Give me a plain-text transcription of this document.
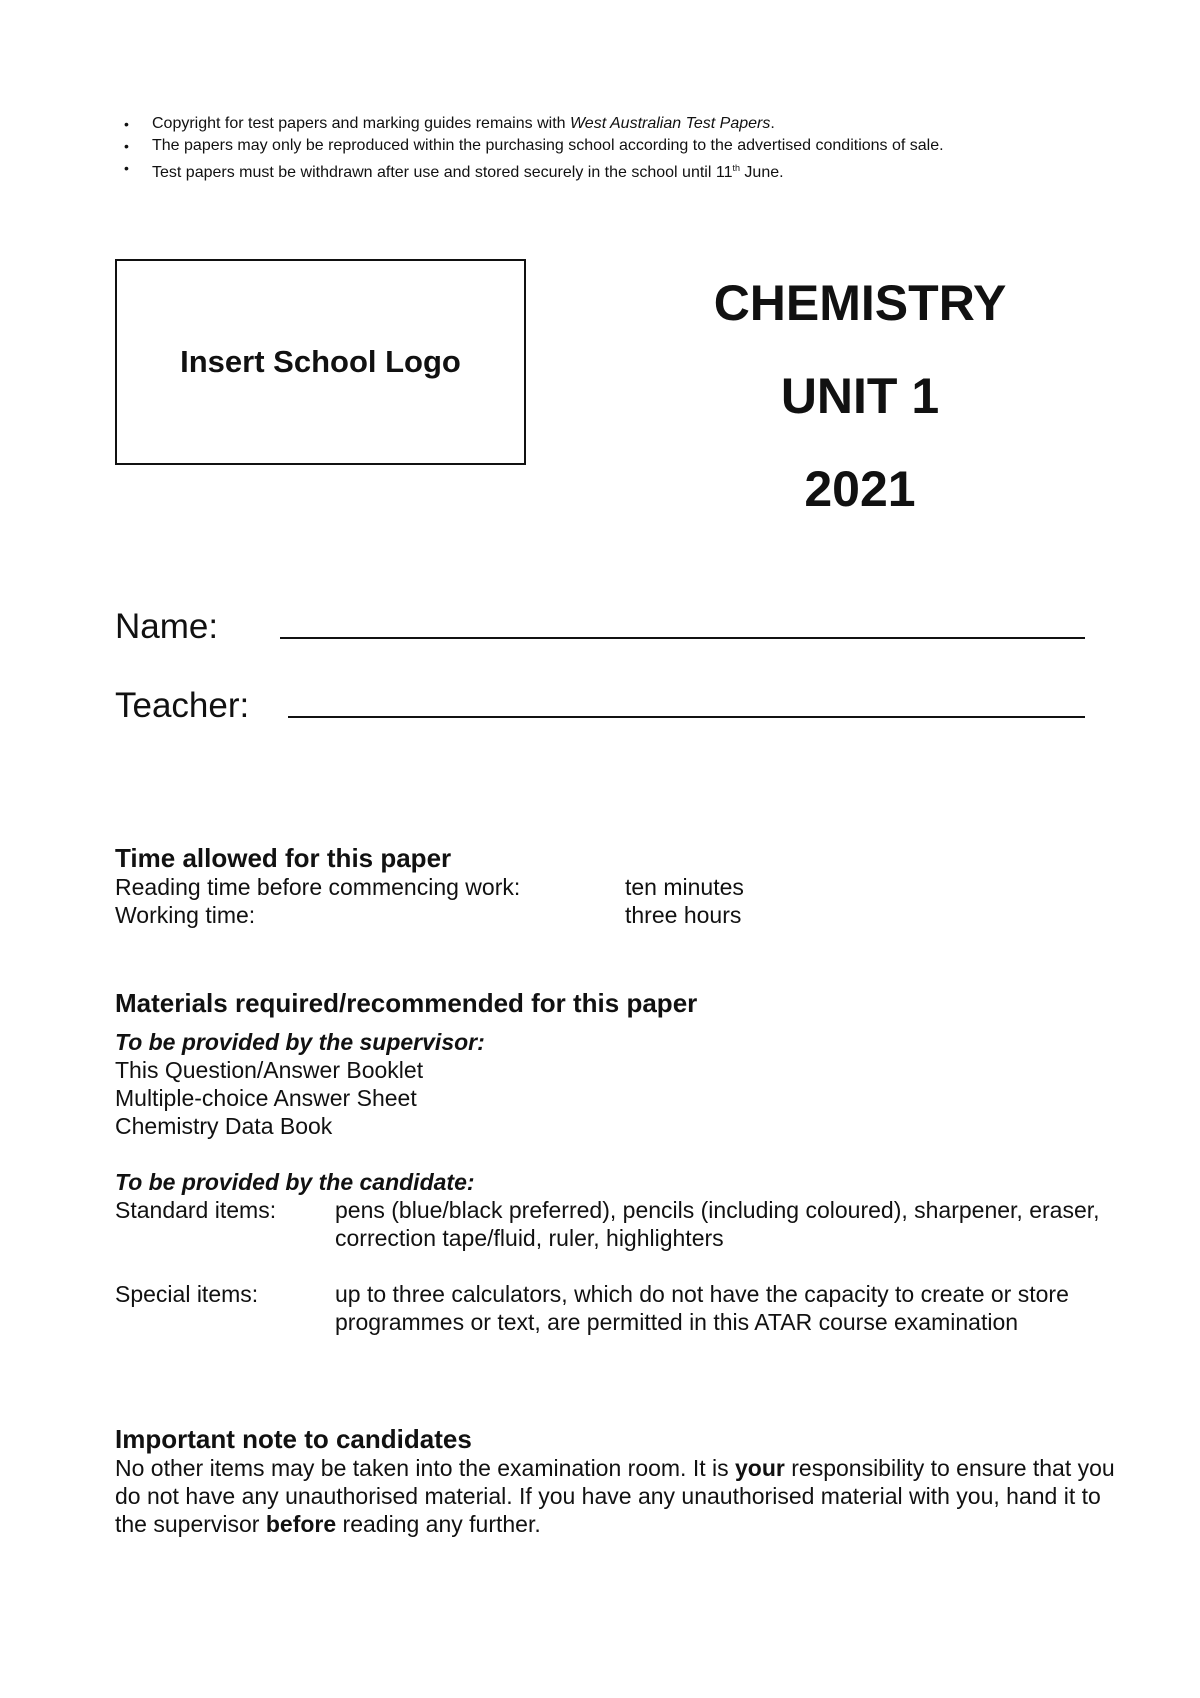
• Copyright for test papers and marking guides remains with West Australian Test Papers.
• The papers may only be reproduced within the purchasing school according to the advertised conditions of sale.
• Test papers must be withdrawn after use and stored securely in the school until 11th June.
Insert School Logo
CHEMISTRY
UNIT 1
2021
Name:
Teacher:

Time allowed for this paper

Reading time before commencing work:	ten minutes
Working time:	three hours

Materials required/recommended for this paper

To be provided by the supervisor:
This Question/Answer Booklet
Multiple-choice Answer Sheet
Chemistry Data Book
To be provided by the candidate:
Standard items:	pens (blue/black preferred), pencils (including coloured), sharpener, eraser, correction tape/fluid, ruler, highlighters
Special items:	up to three calculators, which do not have the capacity to create or store programmes or text, are permitted in this ATAR course examination

Important note to candidates

No other items may be taken into the examination room. It is your responsibility to ensure that you do not have any unauthorised material. If you have any unauthorised material with you, hand it to the supervisor before reading any further.
